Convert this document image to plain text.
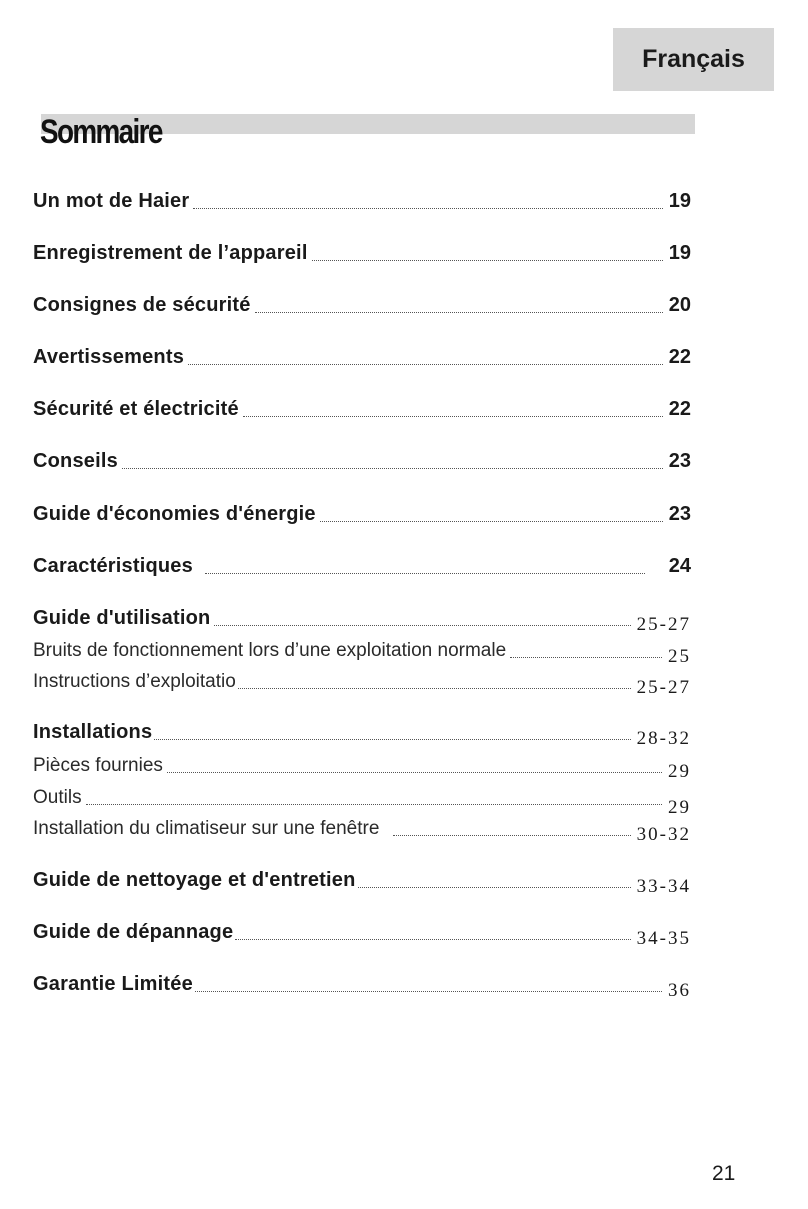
Français
Sommaire
Un mot de Haier	19
Enregistrement de l’appareil	19
Consignes de sécurité	20
Avertissements	22
Sécurité et électricité	22
Conseils	23
Guide d'économies d'énergie	23
Caractéristiques	24
Guide d'utilisation	25-27
Bruits de fonctionnement lors d’une exploitation normale	25
Instructions d’exploitatio	25-27
Installations	28-32
Pièces fournies	29
Outils	29
Installation du climatiseur sur une fenêtre	30-32
Guide de nettoyage et d'entretien	33-34
Guide de dépannage	34-35
Garantie Limitée	36
21
